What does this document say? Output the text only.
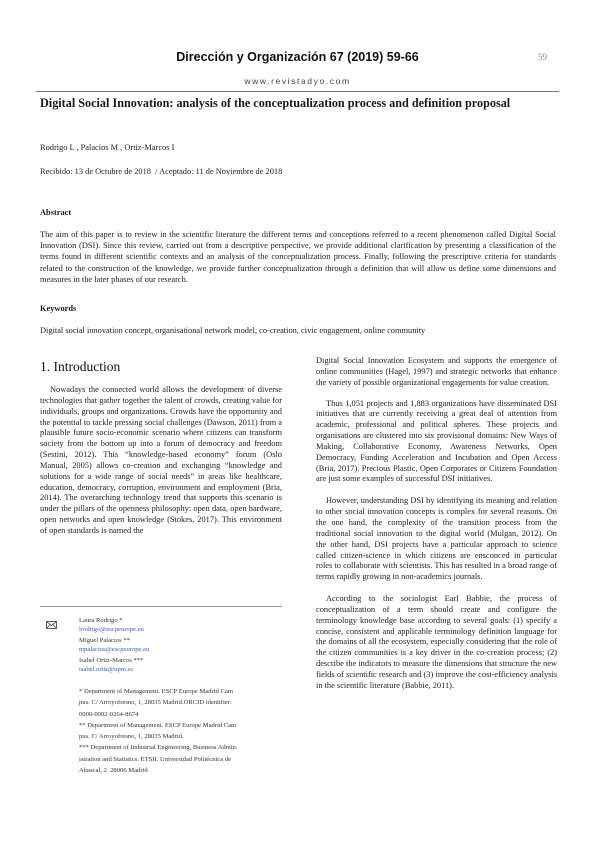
Dirección y Organización 67 (2019) 59-66	59
www.revistadyo.com
Digital Social Innovation: analysis of the conceptualization process and definition proposal
Rodrigo L , Palacios M , Ortiz-Marcos I
Recibido: 13 de Octubre de 2018 / Aceptado: 11 de Noviembre de 2018
Abstract
The aim of this paper is to review in the scientific literature the different terms and conceptions referred to a recent phenomenon called Digital Social Innovation (DSI). Since this review, carried out from a descriptive perspective, we provide additional clarification by presenting a classification of the terms found in different scientific contexts and an analysis of the conceptualization process. Finally, following the prescriptive criteria for standards related to the construction of the knowledge, we provide further conceptualization through a definition that will allow us define some dimensions and measures in the later phases of our research.
Keywords
Digital social innovation concept, organisational network model, co-creation, civic engagement, online community
1. Introduction

Nowadays the connected world allows the development of diverse technologies that gather together the talent of crowds, creating value for individuals, groups and organizations. Crowds have the opportunity and the potential to tackle pressing social challenges (Dawson, 2011) from a plausible future socio-economic scenario where citizens can transform society from the bottom up into a forum of democracy and freedom (Sestini, 2012). This “knowledge-based economy” forum (Oslo Manual, 2005) allows co-creation and exchanging “knowledge and solutions for a wide range of social needs” in areas like healthcare, education, democracy, corruption, environment and employment (Bria, 2014). The overarching technology trend that supports this scenario is under the pillars of the openness philosophy: open data, open hardware, open networks and open knowledge (Stokes, 2017). This environment of open standards is named the

Digital Social Innovation Ecosystem and supports the emergence of online communities (Hagel, 1997) and strategic networks that enhance the variety of possible organizational engagements for value creation.

Thus 1,051 projects and 1,883 organizations have disseminated DSI initiatives that are currently receiving a great deal of attention from academic, professional and political spheres. These projects and organisations are clustered into six provisional domains: New Ways of Making, Collaborative Economy, Awareness Networks, Open Democracy, Funding Acceleration and Incubation and Open Access (Bria, 2017). Precious Plastic, Open Corporates or Citizens Foundation are just some examples of successful DSI initiatives.

However, understanding DSI by identifying its meaning and relation to other social innovation concepts is complex for several reasons. On the one hand, the complexity of the transition process from the traditional social innovation to the digital world (Mulgan, 2012). On the other hand, DSI projects have a particular approach to science called citizen-science in which citizens are ensconced in particular roles to collaborate with scientists. This has resulted in a broad range of terms rapidly growing in non-academics journals.

According to the sociologist Earl Babbie, the process of conceptualization of a term should create and configure the terminology knowledge base according to several goals: (1) specify a concise, consistent and applicable terminology definition language for the domains of all the ecosystem, especially considering that the role of the citizen communities is a key driver in the co-creation process; (2) describe the indicators to measure the dimensions that structure the new fields of scientific research and (3) improve the cost-efficiency analysis in the scientific literature (Babbie, 2011).

Laura Rodrigo *
lrodrigo@escpeurope.eu
Miguel Palacios **
mpalacios@escpeurope.eu
Isabel Ortiz-Marcos ***
isabel.ortiz@upm.es
* Department of Management. ESCP Europe Madrid Cam
pus. C/ Arroyofresno, 1, 28035 Madrid.ORCID identifier:
0000-0002-0264-8674
** Department of Management. ESCP Europe Madrid Cam
pus. C/ Arroyofresno, 1, 28035 Madrid.
*** Department of Industrial Engineering, Business Admin.
istration and Statistics. ETSII. Universidad Politécnica de
Abascal, 2. 28006 Madrid
